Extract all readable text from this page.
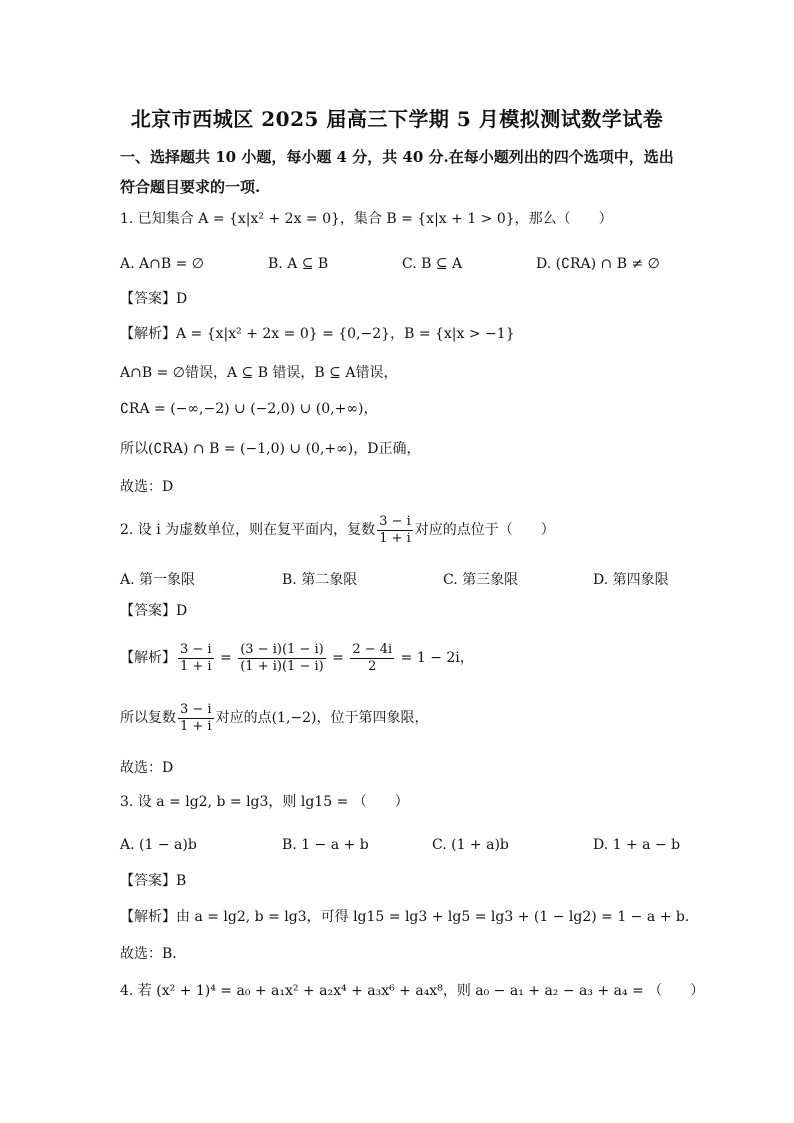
北京市西城区 2025 届高三下学期 5 月模拟测试数学试卷
一、选择题共 10 小题，每小题 4 分，共 40 分.在每小题列出的四个选项中，选出符合题目要求的一项.
1. 已知集合 A = {x|x² + 2x = 0}，集合 B = {x|x + 1 > 0}，那么（　　）
A. A∩B = ∅	B. A ⊆ B	C. B ⊆ A	D. (∁RA) ∩ B ≠ ∅
【答案】D
【解析】A = {x|x² + 2x = 0} = {0,−2}，B = {x|x > −1}
A∩B = ∅错误，A ⊆ B 错误，B ⊆ A错误，
∁RA = (−∞,−2) ∪ (−2,0) ∪ (0,+∞)，
所以(∁RA) ∩ B = (−1,0) ∪ (0,+∞)，D正确，
故选：D
2. 设 i 为虚数单位，则在复平面内，复数 $\frac{3 - i}{1 + i}$ 对应的点位于（　　）
A. 第一象限	B. 第二象限	C. 第三象限	D. 第四象限
【答案】D
【解析】 $\frac{3 - i}{1 + i} = \frac{(3 - i)(1 - i)}{(1 + i)(1 - i)} = \frac{2 - 4i}{2} = 1 - 2i$，
所以复数 $\frac{3 - i}{1 + i}$ 对应的点(1,−2)，位于第四象限，
故选：D
3. 设 a = lg2, b = lg3，则 lg15 = （　　）
A. (1 − a)b	B. 1 − a + b	C. (1 + a)b	D. 1 + a − b
【答案】B
【解析】由 a = lg2, b = lg3，可得 lg15 = lg3 + lg5 = lg3 + (1 − lg2) = 1 − a + b.
故选：B.
4. 若 (x² + 1)⁴ = a₀ + a₁x² + a₂x⁴ + a₃x⁶ + a₄x⁸，则 a₀ − a₁ + a₂ − a₃ + a₄ = （　　）
